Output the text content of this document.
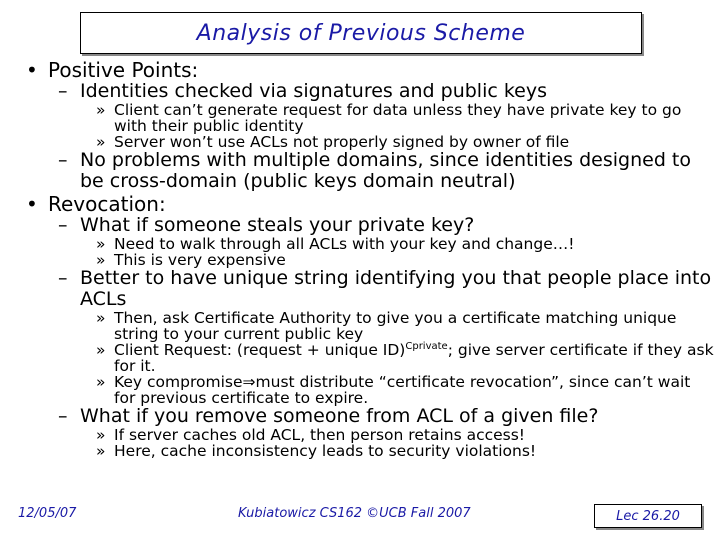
Analysis of Previous Scheme
• Positive Points:
– Identities checked via signatures and public keys
» Client can’t generate request for data unless they have private key to go with their public identity
» Server won’t use ACLs not properly signed by owner of file
– No problems with multiple domains, since identities designed to be cross-domain (public keys domain neutral)
• Revocation:
– What if someone steals your private key?
» Need to walk through all ACLs with your key and change…!
» This is very expensive
– Better to have unique string identifying you that people place into ACLs
» Then, ask Certificate Authority to give you a certificate matching unique string to your current public key
» Client Request: (request + unique ID)$^{Cprivate}$; give server certificate if they ask for it.
» Key compromise⇒must distribute “certificate revocation”, since can’t wait for previous certificate to expire.
– What if you remove someone from ACL of a given file?
» If server caches old ACL, then person retains access!
» Here, cache inconsistency leads to security violations!
12/05/07	Kubiatowicz CS162 ©UCB Fall 2007	Lec 26.20
